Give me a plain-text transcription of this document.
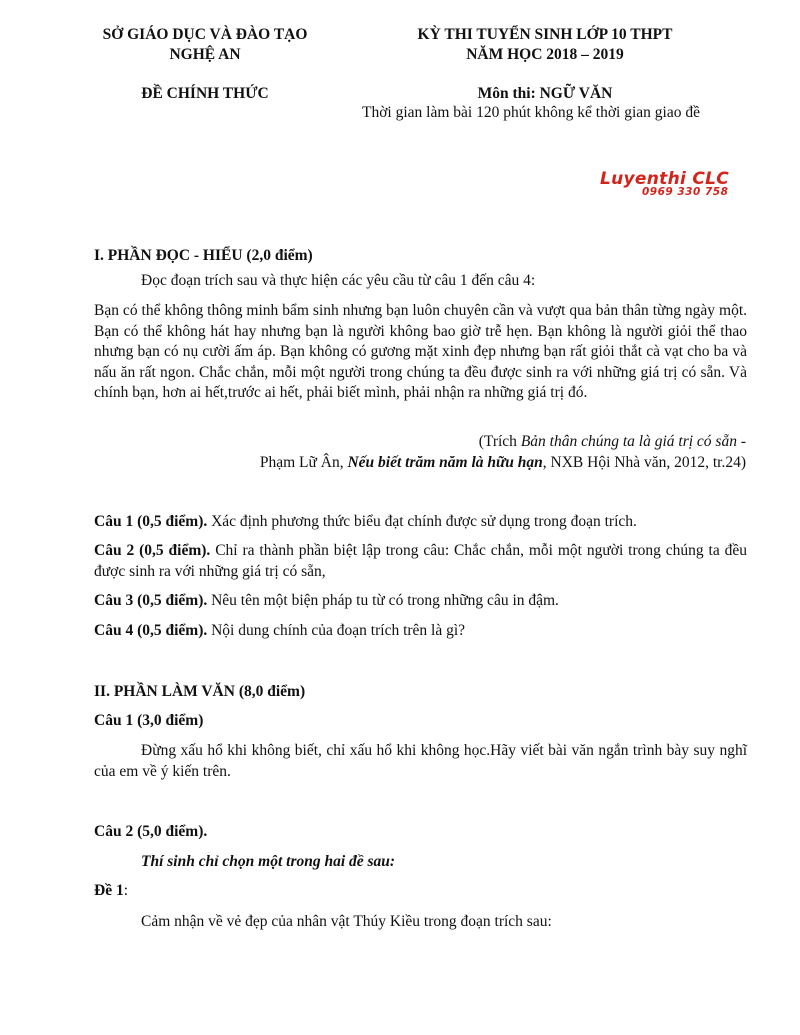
SỞ GIÁO DỤC VÀ ĐÀO TẠO
NGHỆ AN
KỲ THI TUYỂN SINH LỚP 10 THPT
NĂM HỌC 2018 – 2019
ĐỀ CHÍNH THỨC	Môn thi: NGỮ VĂN
Thời gian làm bài 120 phút không kể thời gian giao đề
Luyenthi CLC
0969 330 758
I. PHẦN ĐỌC - HIỂU (2,0 điểm)
Đọc đoạn trích sau và thực hiện các yêu cầu từ câu 1 đến câu 4:
Bạn có thể không thông minh bẩm sinh nhưng bạn luôn chuyên cần và vượt qua bản thân từng ngày một. Bạn có thể không hát hay nhưng bạn là người không bao giờ trễ hẹn. Bạn không là người giỏi thể thao nhưng bạn có nụ cười ấm áp. Bạn không có gương mặt xinh đẹp nhưng bạn rất giỏi thắt cà vạt cho ba và nấu ăn rất ngon. Chắc chắn, mỗi một người trong chúng ta đều được sinh ra với những giá trị có sẵn. Và chính bạn, hơn ai hết,trước ai hết, phải biết mình, phải nhận ra những giá trị đó.
(Trích Bản thân chúng ta là giá trị có sẵn -
Phạm Lữ Ân, Nếu biết trăm năm là hữu hạn, NXB Hội Nhà văn, 2012, tr.24)
Câu 1 (0,5 điểm). Xác định phương thức biểu đạt chính được sử dụng trong đoạn trích.
Câu 2 (0,5 điểm). Chỉ ra thành phần biệt lập trong câu: Chắc chắn, mỗi một người trong chúng ta đều được sinh ra với những giá trị có sẵn,
Câu 3 (0,5 điểm). Nêu tên một biện pháp tu từ có trong những câu in đậm.
Câu 4 (0,5 điểm). Nội dung chính của đoạn trích trên là gì?
II. PHẦN LÀM VĂN (8,0 điểm)
Câu 1 (3,0 điểm)
Đừng xấu hổ khi không biết, chỉ xấu hổ khi không học.Hãy viết bài văn ngắn trình bày suy nghĩ của em về ý kiến trên.
Câu 2 (5,0 điểm).
Thí sinh chỉ chọn một trong hai đề sau:
Đề 1:
Cảm nhận về vẻ đẹp của nhân vật Thúy Kiều trong đoạn trích sau:
